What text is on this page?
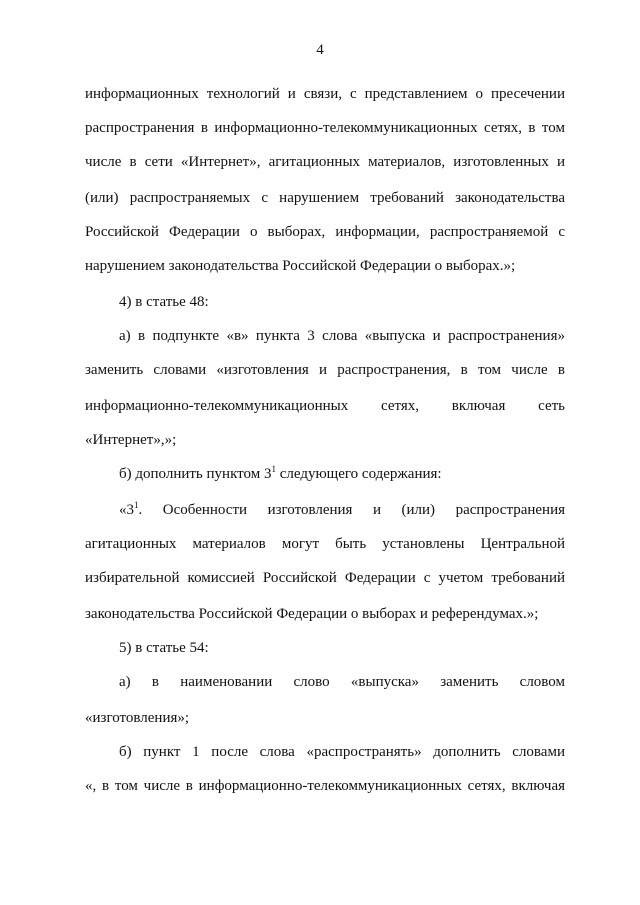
4
информационных технологий и связи, с представлением о пресечении
распространения в информационно-телекоммуникационных сетях, в том
числе в сети «Интернет», агитационных материалов, изготовленных и
(или) распространяемых с нарушением требований законодательства
Российской Федерации о выборах, информации, распространяемой с
нарушением законодательства Российской Федерации о выборах.»;
4) в статье 48:
а) в подпункте «в» пункта 3 слова «выпуска и распространения»
заменить словами «изготовления и распространения, в том числе в
информационно-телекоммуникационных сетях, включая сеть
«Интернет»,»;
б) дополнить пунктом $3^1$ следующего содержания:
«$3^1$. Особенности изготовления и (или) распространения
агитационных материалов могут быть установлены Центральной
избирательной комиссией Российской Федерации с учетом требований
законодательства Российской Федерации о выборах и референдумах.»;
5) в статье 54:
а) в наименовании слово «выпуска» заменить словом
«изготовления»;
б) пункт 1 после слова «распространять» дополнить словами
«, в том числе в информационно-телекоммуникационных сетях, включая
